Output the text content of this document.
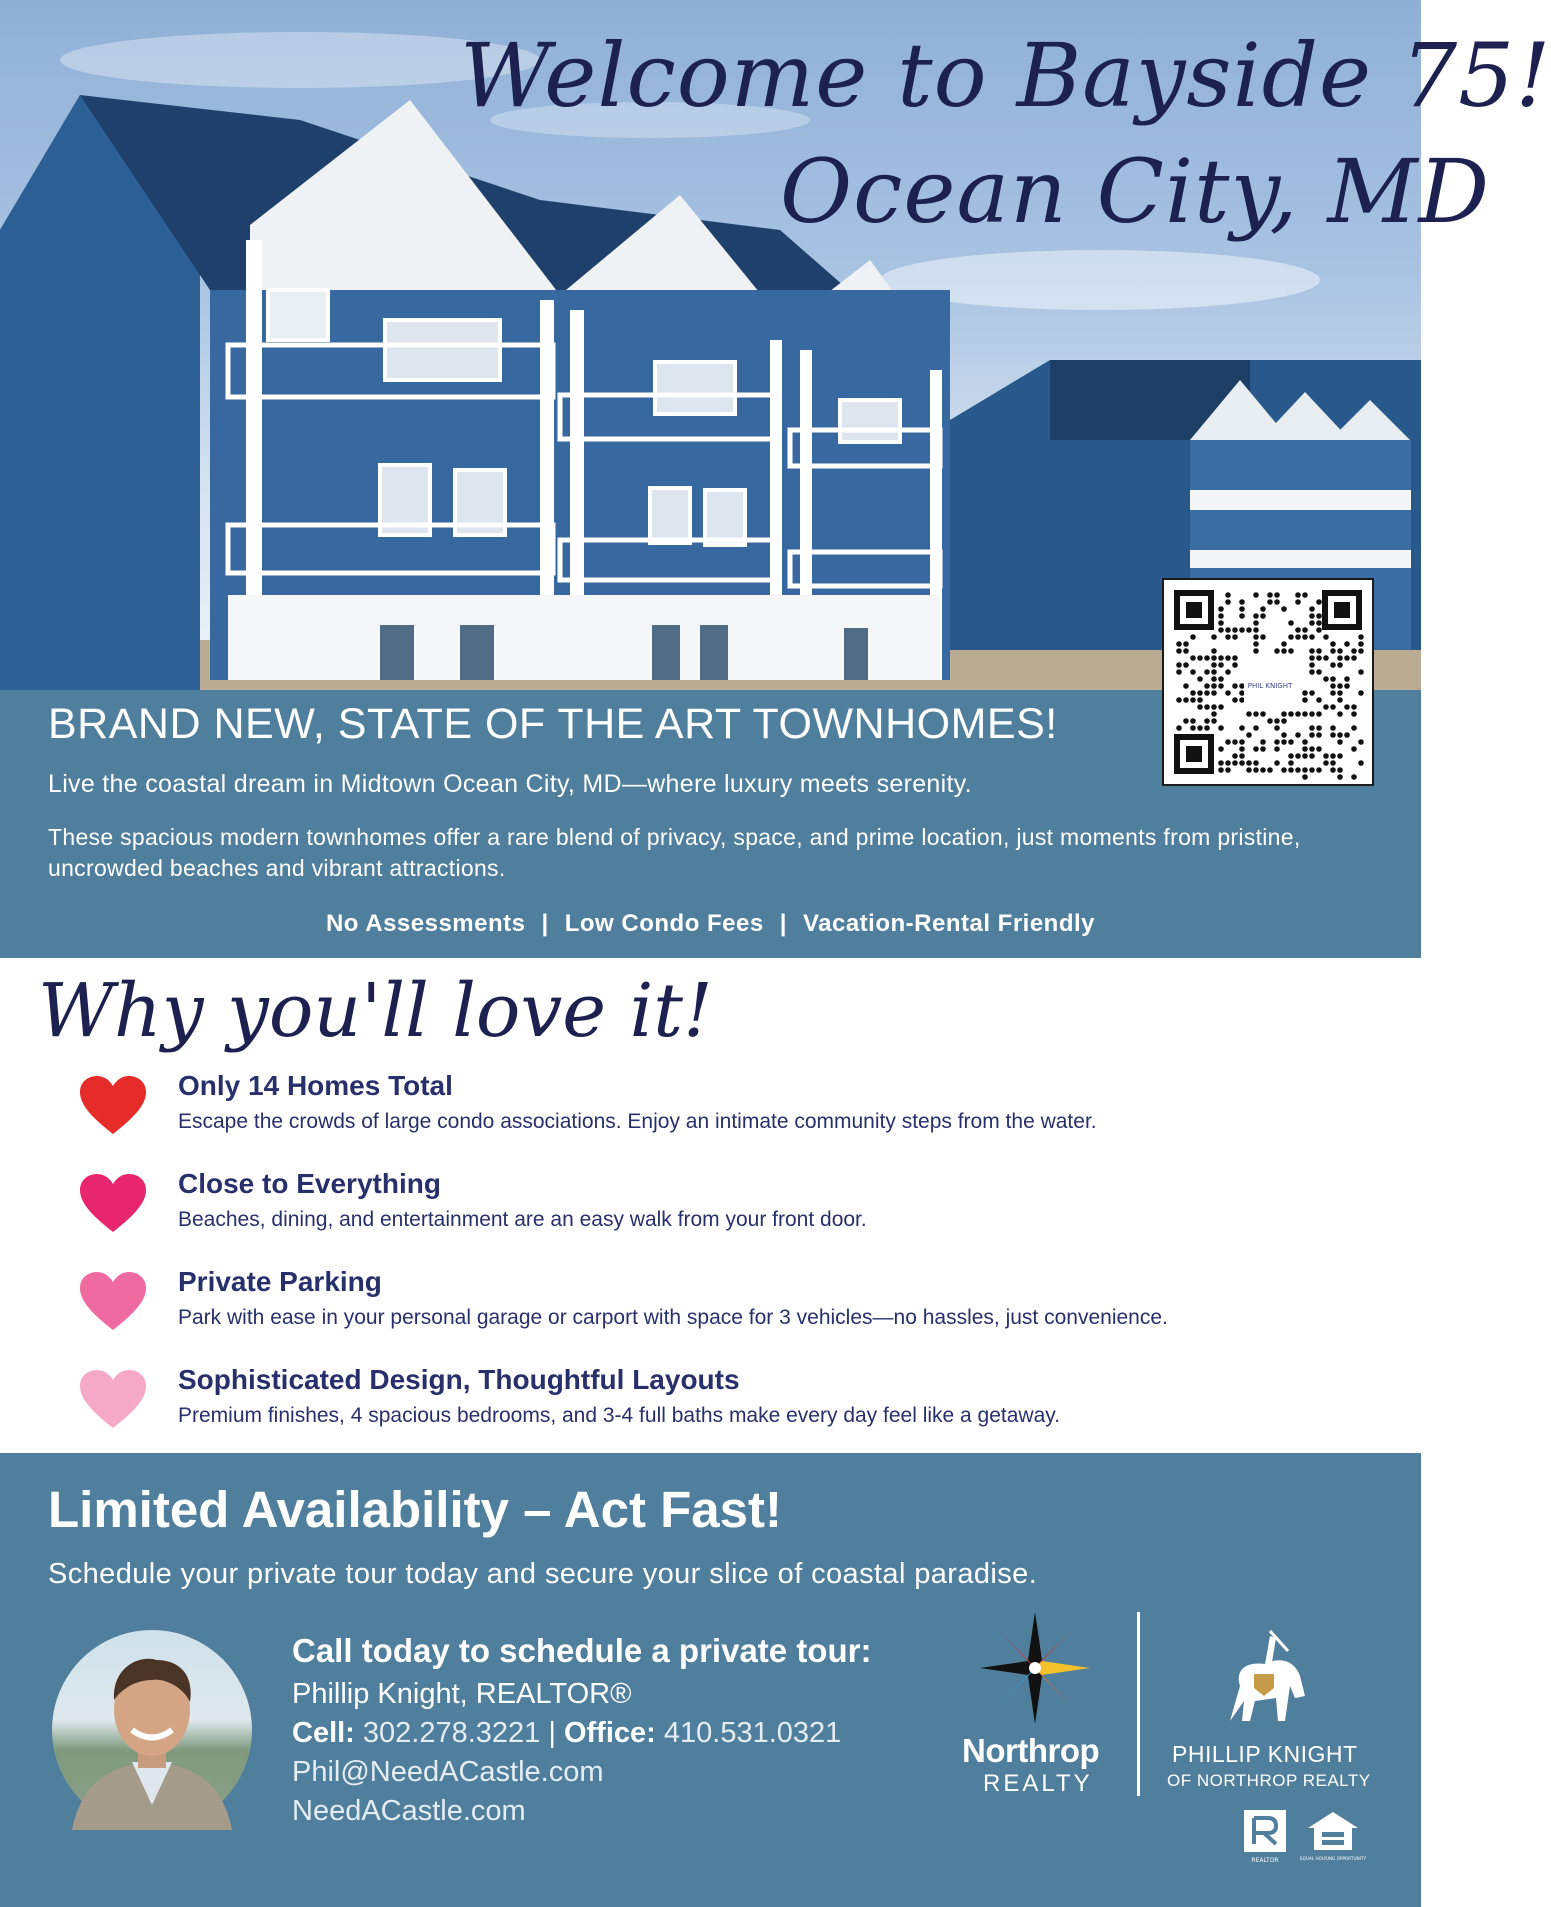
Welcome to Bayside 75!
Ocean City, MD
PHIL KNIGHT
BRAND NEW, STATE OF THE ART TOWNHOMES!
Live the coastal dream in Midtown Ocean City, MD—where luxury meets serenity.
These spacious modern townhomes offer a rare blend of privacy, space, and prime location, just moments from pristine, uncrowded beaches and vibrant attractions.
No Assessments | Low Condo Fees | Vacation-Rental Friendly
Why you'll love it!
Only 14 Homes Total
Escape the crowds of large condo associations. Enjoy an intimate community steps from the water.
Close to Everything
Beaches, dining, and entertainment are an easy walk from your front door.
Private Parking
Park with ease in your personal garage or carport with space for 3 vehicles—no hassles, just convenience.
Sophisticated Design, Thoughtful Layouts
Premium finishes, 4 spacious bedrooms, and 3-4 full baths make every day feel like a getaway.
Limited Availability – Act Fast!
Schedule your private tour today and secure your slice of coastal paradise.
Call today to schedule a private tour:
Phillip Knight, REALTOR®
Cell: 302.278.3221 | Office: 410.531.0321
Phil@NeedACastle.com
NeedACastle.com
Northrop
REALTY
PHILLIP KNIGHT
OF NORTHROP REALTY
REALTOR	EQUAL HOUSING OPPORTUNITY
